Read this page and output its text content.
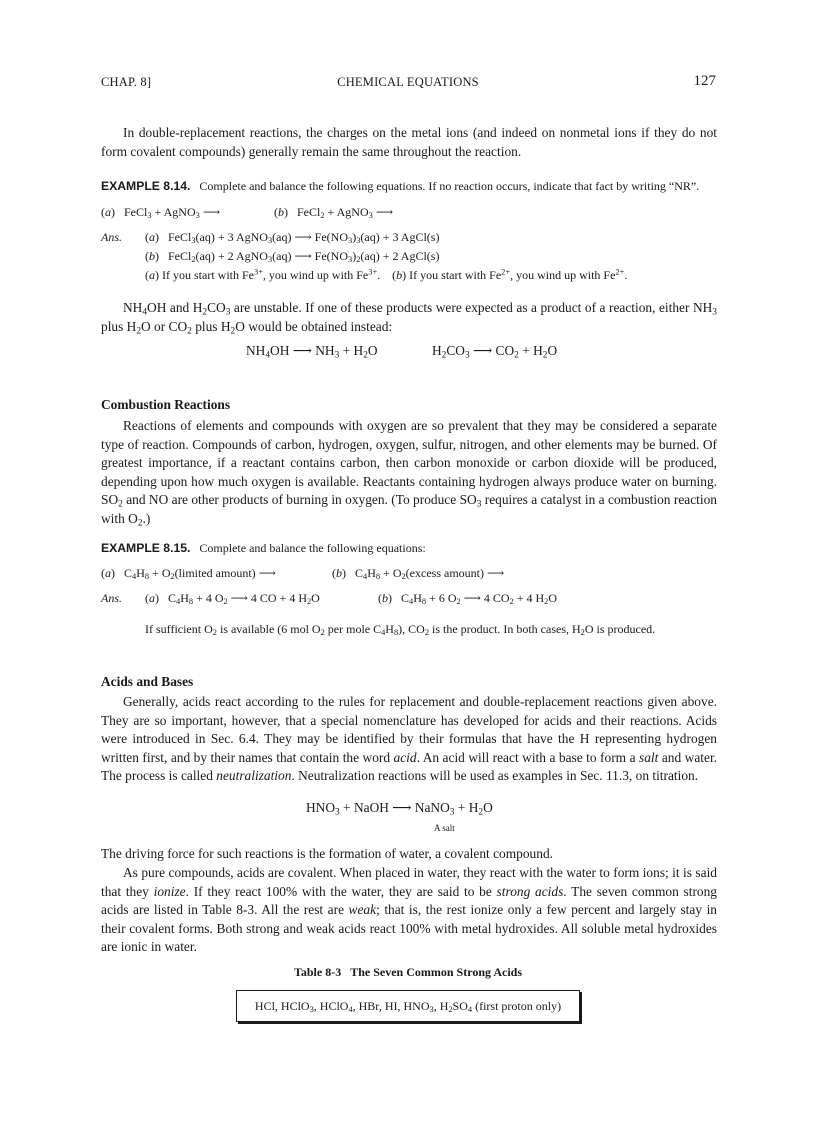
CHAP. 8]	CHEMICAL EQUATIONS	127

In double-replacement reactions, the charges on the metal ions (and indeed on nonmetal ions if they do not form covalent compounds) generally remain the same throughout the reaction.

EXAMPLE 8.14. Complete and balance the following equations. If no reaction occurs, indicate that fact by writing “NR”.
(a)   FeCl$_3$ + AgNO$_3$ ⟶	(b)   FeCl$_2$ + AgNO$_3$ ⟶
Ans. (a)   FeCl$_3$(aq) + 3 AgNO$_3$(aq) ⟶ $Fe(NO_3)_3(aq) + 3$ AgCl(s)
(b)   FeCl$_2$(aq) + 2 AgNO$_3$(aq) ⟶ $Fe(NO_3)_2(aq) + 2$ AgCl(s)
(a) If you start with $Fe^{3+}$, you wind up with $Fe^{3+}$.    (b) If you start with $Fe^{2+}$, you wind up with $Fe^{2+}$.

$NH_4OH$ and $H_2CO_3$ are unstable. If one of these products were expected as a product of a reaction, either $NH_3$ plus $H_2O$ or $CO_2$ plus $H_2O$ would be obtained instead:

$NH_4OH$ ⟶ $NH_3 + H_2O$	$H_2CO_3$ ⟶ $CO_2 + H_2O$
Combustion Reactions

Reactions of elements and compounds with oxygen are so prevalent that they may be considered a separate type of reaction. Compounds of carbon, hydrogen, oxygen, sulfur, nitrogen, and other elements may be burned. Of greatest importance, if a reactant contains carbon, then carbon monoxide or carbon dioxide will be produced, depending upon how much oxygen is available. Reactants containing hydrogen always produce water on burning. $SO_2$ and NO are other products of burning in oxygen. (To produce $SO_3$ requires a catalyst in a combustion reaction with $O_2$.)

EXAMPLE 8.15. Complete and balance the following equations:
(a)   $C_4H_8$ + $O_2(limited$ amount) ⟶	(b)   $C_4H_8$ + $O_2(excess$ amount) ⟶
Ans. (a)   $C_4H_8 + 4$ $O_2$ ⟶ 4 CO + 4 $H_2O$	(b)   $C_4H_8 + 6$ $O_2$ ⟶ 4 $CO_2 + 4$ $H_2O$
If sufficient $O_2$ is available (6 mol $O_2$ per mole $C_4H_8$), $CO_2$ is the product. In both cases, $H_2O$ is produced.
Acids and Bases

Generally, acids react according to the rules for replacement and double-replacement reactions given above. They are so important, however, that a special nomenclature has developed for acids and their reactions. Acids were introduced in Sec. 6.4. They may be identified by their formulas that have the H representing hydrogen written first, and by their names that contain the word acid. An acid will react with a base to form a salt and water. The process is called neutralization. Neutralization reactions will be used as examples in Sec. 11.3, on titration.

$HNO_3$ + NaOH ⟶ NaNO$_3$ + $H_2O$
A salt

The driving force for such reactions is the formation of water, a covalent compound.

As pure compounds, acids are covalent. When placed in water, they react with the water to form ions; it is said that they ionize. If they react 100% with the water, they are said to be strong acids. The seven common strong acids are listed in Table 8-3. All the rest are weak; that is, the rest ionize only a few percent and largely stay in their covalent forms. Both strong and weak acids react 100% with metal hydroxides. All soluble metal hydroxides are ionic in water.

Table 8-3   The Seven Common Strong Acids
HCl, HClO$_3$, HClO$_4$, HBr, HI, $HNO_3$, $H_2SO_4$ (first proton only)
